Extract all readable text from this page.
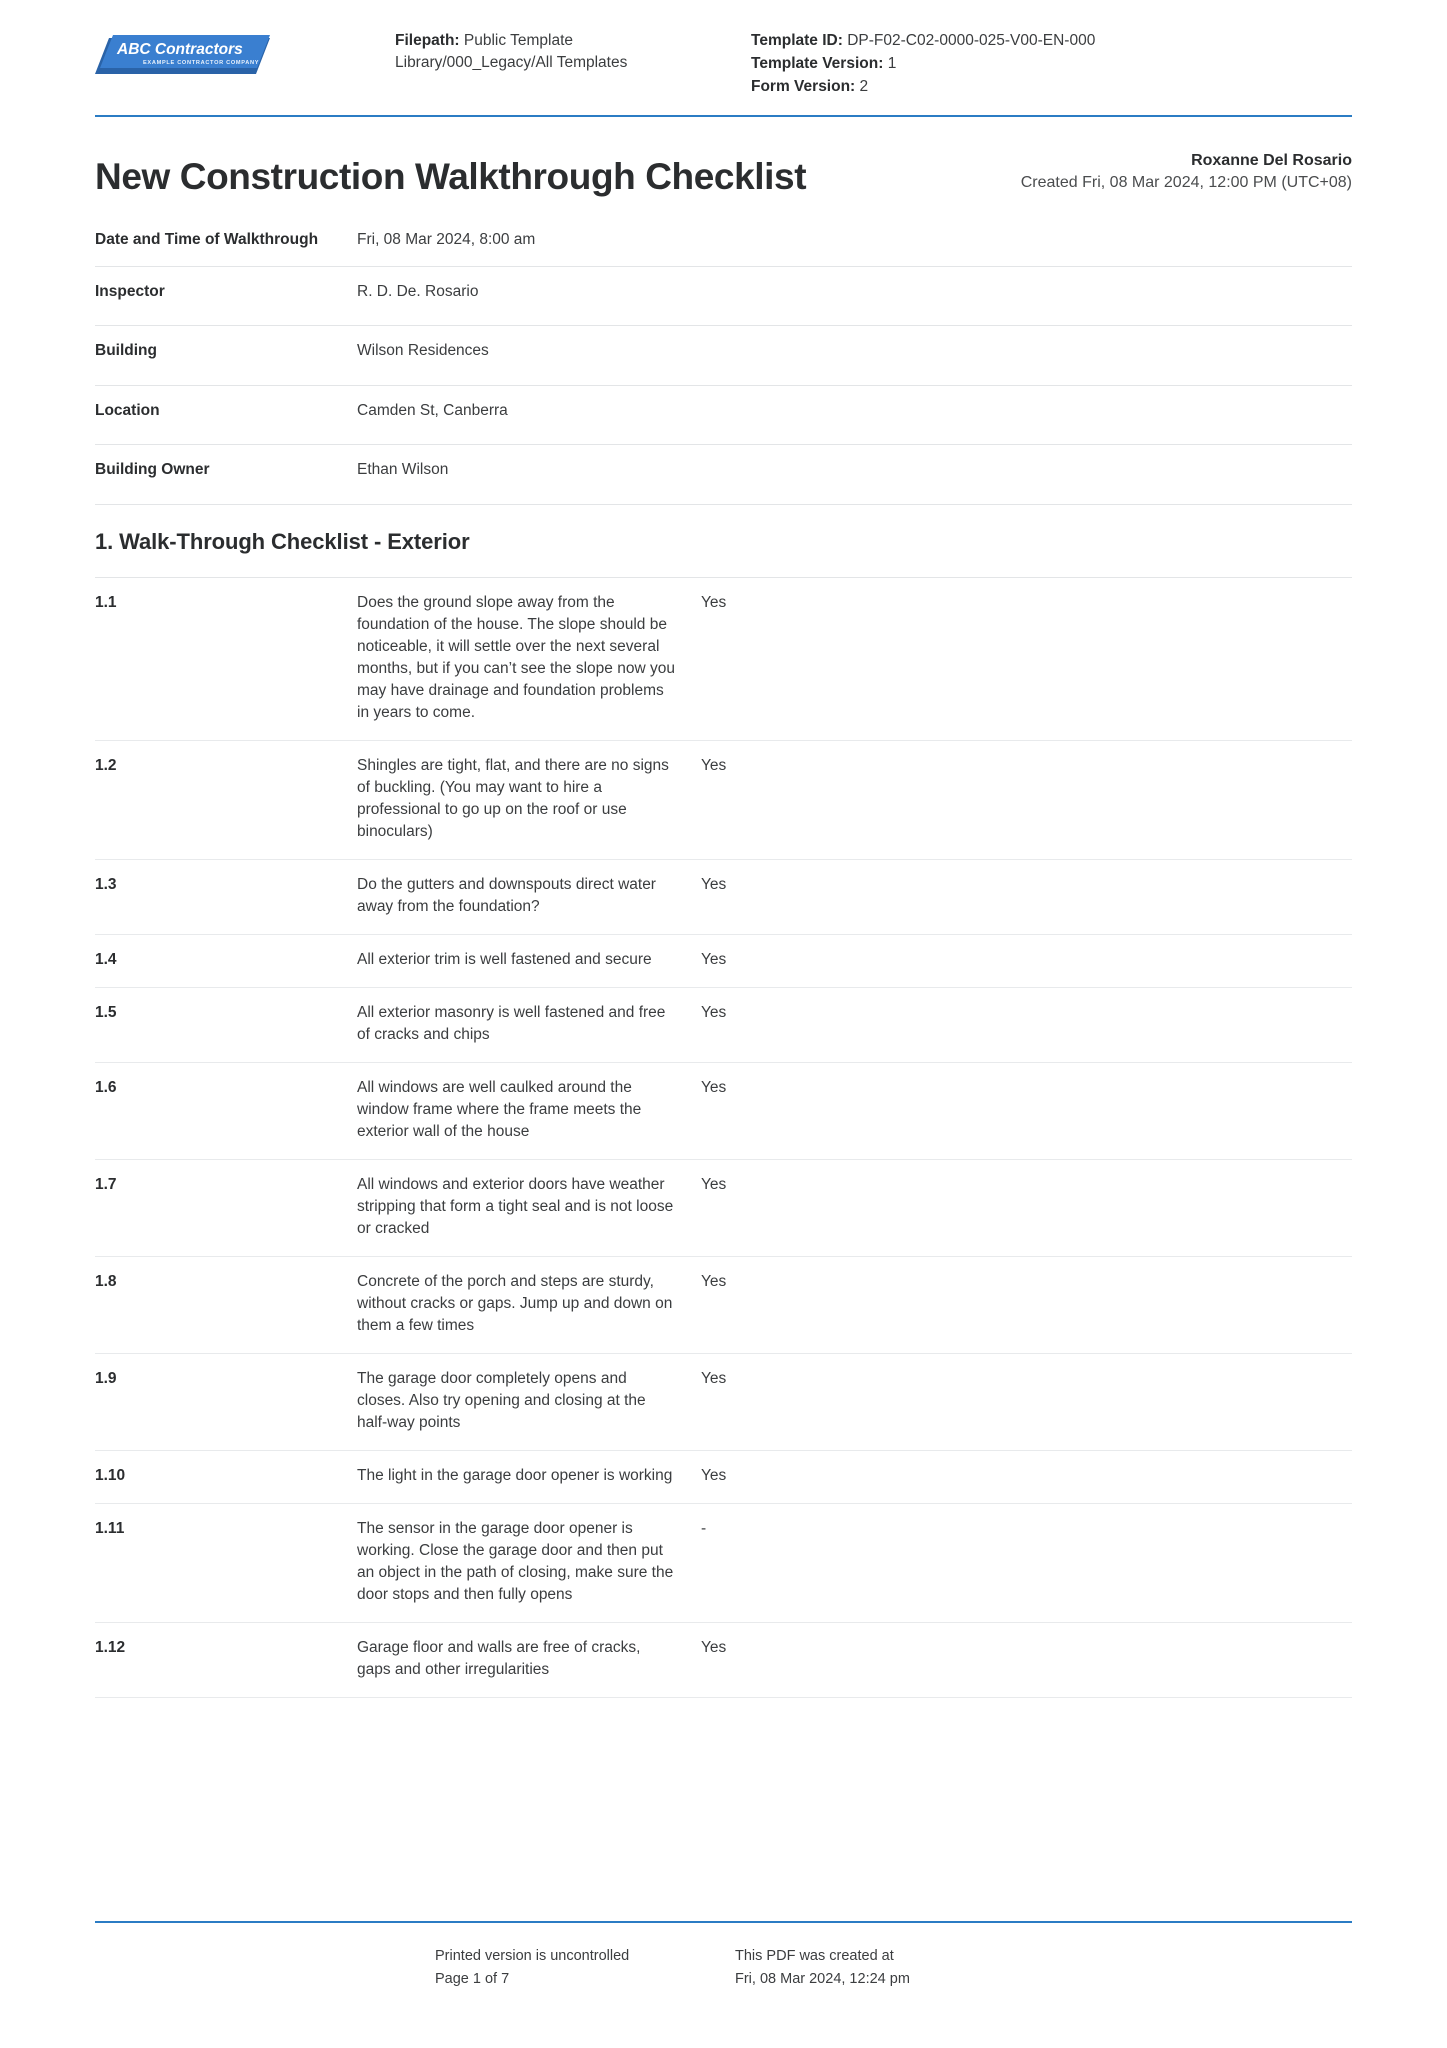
ABC Contractors
EXAMPLE CONTRACTOR COMPANY

Filepath: Public Template Library/000_Legacy/All Templates

Template ID: DP-F02-C02-0000-025-V00-EN-000

Template Version: 1

Form Version: 2

New Construction Walkthrough Checklist	Roxanne Del Rosario
Created Fri, 08 Mar 2024, 12:00 PM (UTC+08)
Date and Time of Walkthrough	Fri, 08 Mar 2024, 8:00 am
Inspector	R. D. De. Rosario
Building	Wilson Residences
Location	Camden St, Canberra
Building Owner	Ethan Wilson
1. Walk-Through Checklist - Exterior
1.1	Does the ground slope away from the foundation of the house. The slope should be noticeable, it will settle over the next several months, but if you can’t see the slope now you may have drainage and foundation problems in years to come.	Yes
1.2	Shingles are tight, flat, and there are no signs of buckling. (You may want to hire a professional to go up on the roof or use binoculars)	Yes
1.3	Do the gutters and downspouts direct water away from the foundation?	Yes
1.4	All exterior trim is well fastened and secure	Yes
1.5	All exterior masonry is well fastened and free of cracks and chips	Yes
1.6	All windows are well caulked around the window frame where the frame meets the exterior wall of the house	Yes
1.7	All windows and exterior doors have weather stripping that form a tight seal and is not loose or cracked	Yes
1.8	Concrete of the porch and steps are sturdy, without cracks or gaps. Jump up and down on them a few times	Yes
1.9	The garage door completely opens and closes. Also try opening and closing at the half-way points	Yes
1.10	The light in the garage door opener is working	Yes
1.11	The sensor in the garage door opener is working. Close the garage door and then put an object in the path of closing, make sure the door stops and then fully opens	-
1.12	Garage floor and walls are free of cracks, gaps and other irregularities	Yes

Printed version is uncontrolled

Page 1 of 7

This PDF was created at

Fri, 08 Mar 2024, 12:24 pm
